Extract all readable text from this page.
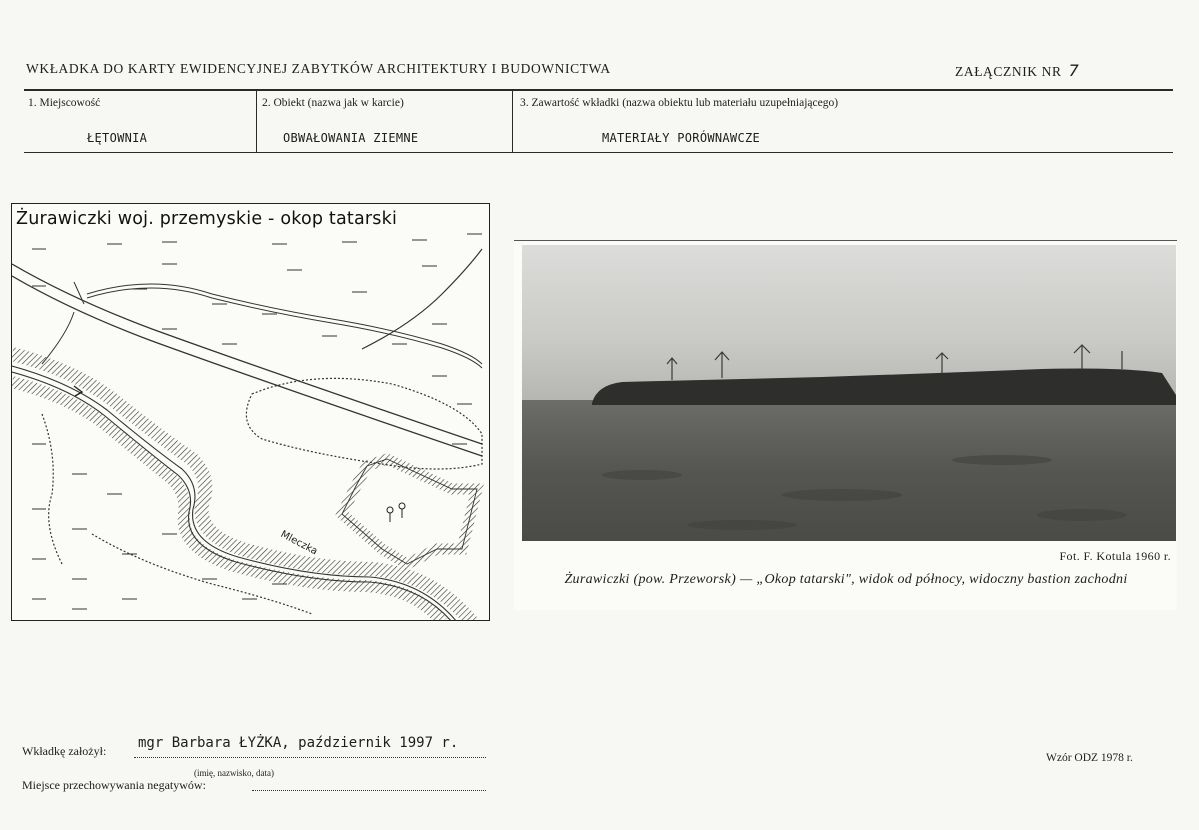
WKŁADKA DO KARTY EWIDENCYJNEJ ZABYTKÓW ARCHITEKTURY I BUDOWNICTWA	ZAŁĄCZNIK NR 7
1. Miejscowość
ŁĘTOWNIA
2. Obiekt (nazwa jak w karcie)
OBWAŁOWANIA ZIEMNE
3. Zawartość wkładki (nazwa obiektu lub materiału uzupełniającego)
MATERIAŁY PORÓWNAWCZE
Żurawiczki woj. przemyskie - okop tatarski
Mleczka	Fot. F. Kotula 1960 r.
Żurawiczki (pow. Przeworsk) — „Okop tatarski", widok od północy, widoczny bastion zachodni
Wkładkę założył: mgr Barbara ŁYŻKA, październik 1997 r.
(imię, nazwisko, data)
Miejsce przechowywania negatywów:
Wzór ODZ 1978 r.
